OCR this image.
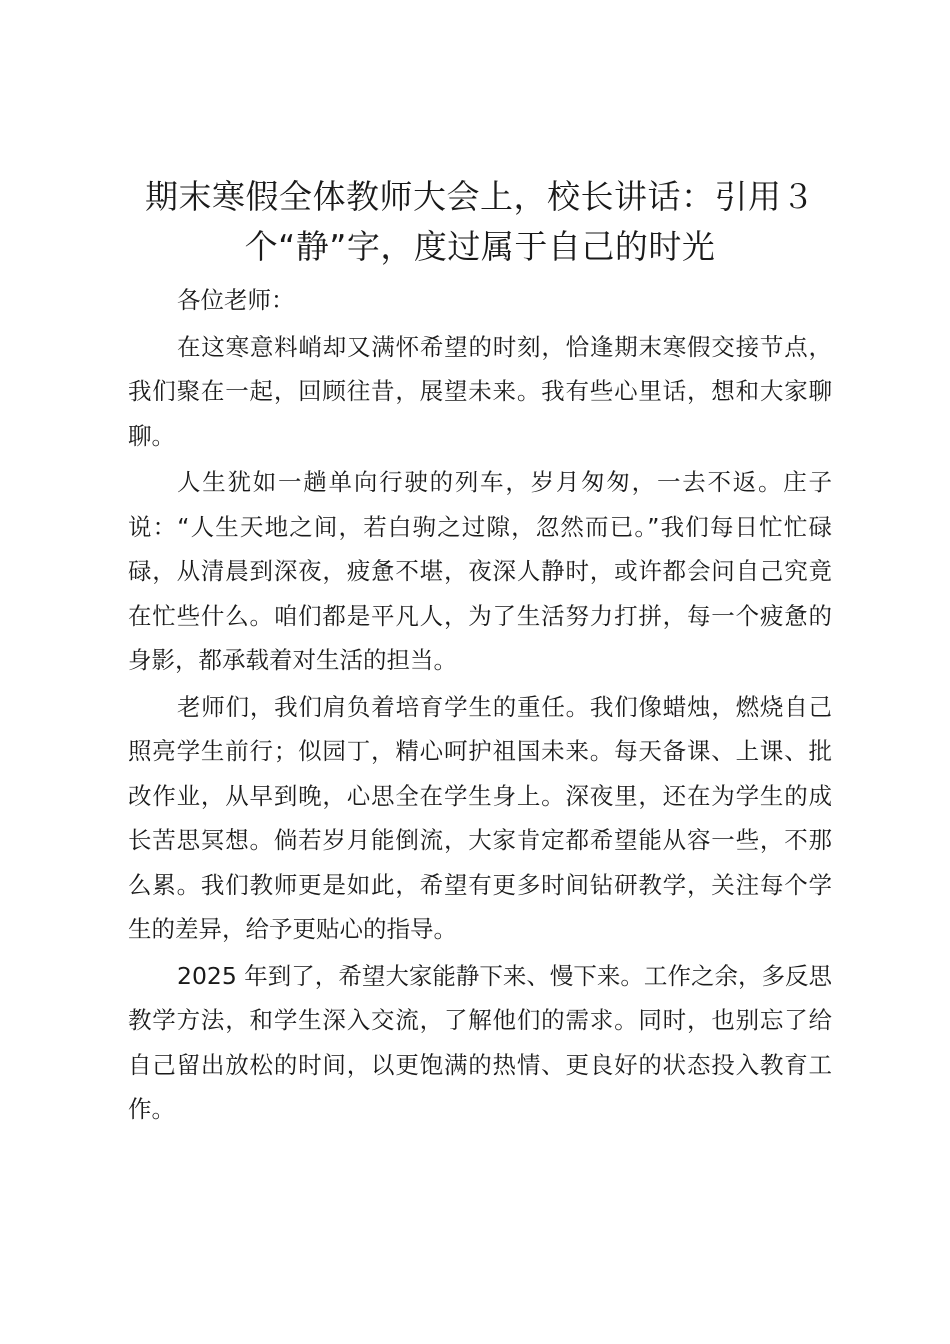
期末寒假全体教师大会上，校长讲话：引用３个“静”字，度过属于自己的时光

各位老师：

在这寒意料峭却又满怀希望的时刻，恰逢期末寒假交接节点，我们聚在一起，回顾往昔，展望未来。我有些心里话，想和大家聊聊。

人生犹如一趟单向行驶的列车，岁月匆匆，一去不返。庄子说：“人生天地之间，若白驹之过隙，忽然而已。”我们每日忙忙碌碌，从清晨到深夜，疲惫不堪，夜深人静时，或许都会问自己究竟在忙些什么。咱们都是平凡人，为了生活努力打拼，每一个疲惫的身影，都承载着对生活的担当。

老师们，我们肩负着培育学生的重任。我们像蜡烛，燃烧自己照亮学生前行；似园丁，精心呵护祖国未来。每天备课、上课、批改作业，从早到晚，心思全在学生身上。深夜里，还在为学生的成长苦思冥想。倘若岁月能倒流，大家肯定都希望能从容一些，不那么累。我们教师更是如此，希望有更多时间钻研教学，关注每个学生的差异，给予更贴心的指导。

2025 年到了，希望大家能静下来、慢下来。工作之余，多反思教学方法，和学生深入交流，了解他们的需求。同时，也别忘了给自己留出放松的时间，以更饱满的热情、更良好的状态投入教育工作。
